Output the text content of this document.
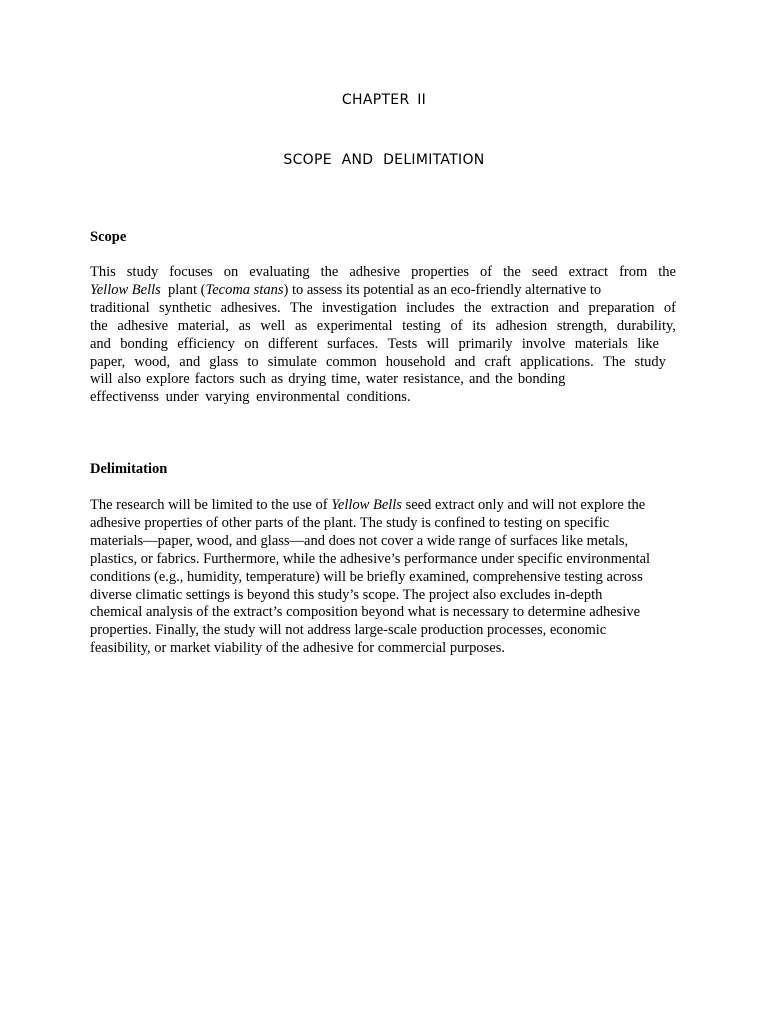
CHAPTER II
SCOPE AND DELIMITATION
Scope
This study focuses on evaluating the adhesive properties of the seed extract from the
Yellow Bells plant (Tecoma stans) to assess its potential as an eco-friendly alternative to
traditional synthetic adhesives. The investigation includes the extraction and preparation of
the adhesive material, as well as experimental testing of its adhesion strength, durability,
and bonding efficiency on different surfaces. Tests will primarily involve materials like
paper, wood, and glass to simulate common household and craft applications. The study
will also explore factors such as drying time, water resistance, and the bonding
effectivenss under varying environmental conditions.
Delimitation
The research will be limited to the use of Yellow Bells seed extract only and will not explore the
adhesive properties of other parts of the plant. The study is confined to testing on specific
materials—paper, wood, and glass—and does not cover a wide range of surfaces like metals,
plastics, or fabrics. Furthermore, while the adhesive’s performance under specific environmental
conditions (e.g., humidity, temperature) will be briefly examined, comprehensive testing across
diverse climatic settings is beyond this study’s scope. The project also excludes in-depth
chemical analysis of the extract’s composition beyond what is necessary to determine adhesive
properties. Finally, the study will not address large-scale production processes, economic
feasibility, or market viability of the adhesive for commercial purposes.
